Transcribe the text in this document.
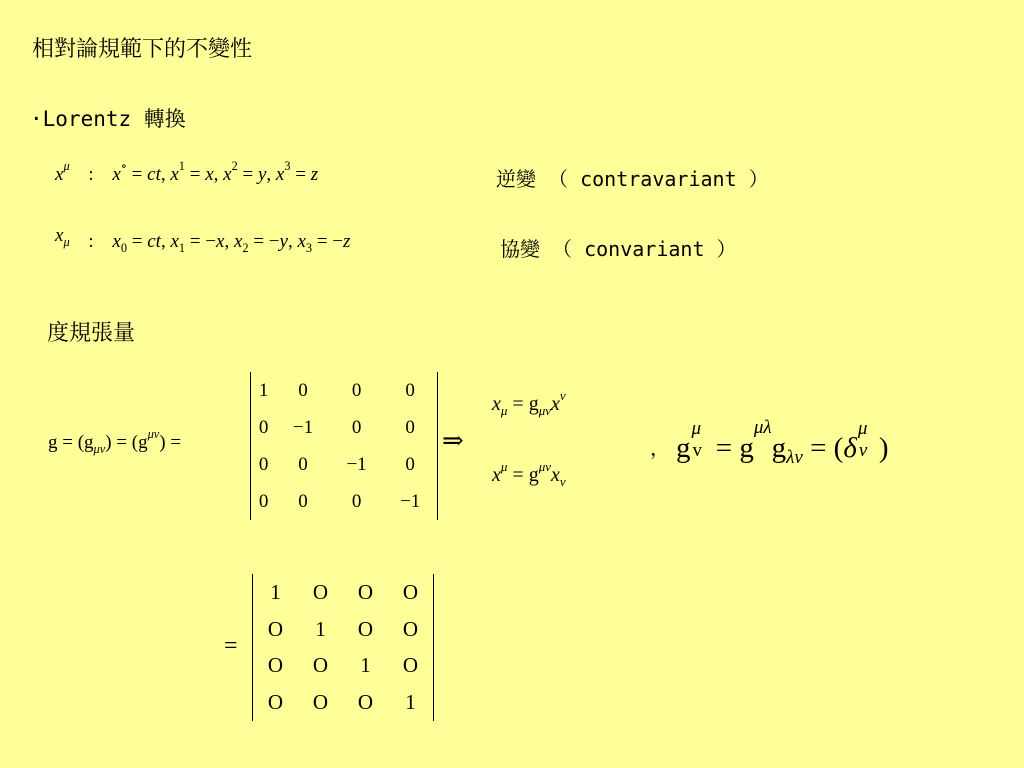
相對論規範下的不變性
·Lorentz 轉換
$x^\mu$ : x∘ = ct, $x^1 = x$, $x^2 = y$, $x^3 = z$	逆變 （ contravariant ）
$x_\mu$ : $x_0$ = ct, $x_1 = -x$, $x_2 = -y$, $x_3 = -z$	協變 （ convariant ）
度規張量
$g = (g_{\mu\nu}) = (g^{\mu\nu})$ =
1	0	0	0
0	−1	0	0
0	0	−1	0
0	0	0	−1
⇒
$x_\mu = g_{\mu\nu}x^\nu$
$x^\mu = g^{\mu\nu}x_\nu$
， g
μ
$v = g^{\mu\lambda}g_{\lambda v} = (\delta$
μ
v )
=
1	O	O	O
O	1	O	O
O	O	1	O
O	O	O	1
